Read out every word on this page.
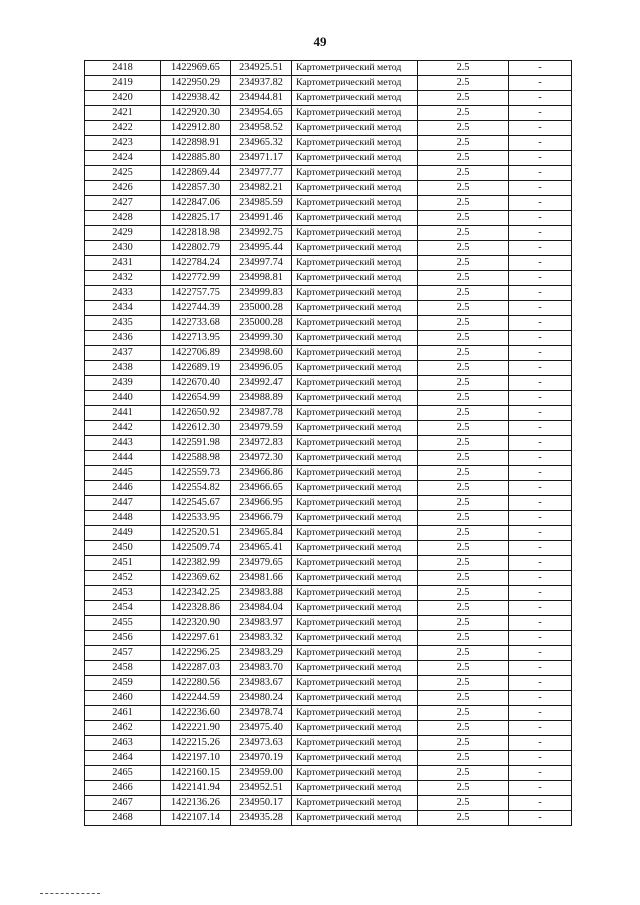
49
2418	1422969.65	234925.51	Картометрический метод	2.5	-
2419	1422950.29	234937.82	Картометрический метод	2.5	-
2420	1422938.42	234944.81	Картометрический метод	2.5	-
2421	1422920.30	234954.65	Картометрический метод	2.5	-
2422	1422912.80	234958.52	Картометрический метод	2.5	-
2423	1422898.91	234965.32	Картометрический метод	2.5	-
2424	1422885.80	234971.17	Картометрический метод	2.5	-
2425	1422869.44	234977.77	Картометрический метод	2.5	-
2426	1422857.30	234982.21	Картометрический метод	2.5	-
2427	1422847.06	234985.59	Картометрический метод	2.5	-
2428	1422825.17	234991.46	Картометрический метод	2.5	-
2429	1422818.98	234992.75	Картометрический метод	2.5	-
2430	1422802.79	234995.44	Картометрический метод	2.5	-
2431	1422784.24	234997.74	Картометрический метод	2.5	-
2432	1422772.99	234998.81	Картометрический метод	2.5	-
2433	1422757.75	234999.83	Картометрический метод	2.5	-
2434	1422744.39	235000.28	Картометрический метод	2.5	-
2435	1422733.68	235000.28	Картометрический метод	2.5	-
2436	1422713.95	234999.30	Картометрический метод	2.5	-
2437	1422706.89	234998.60	Картометрический метод	2.5	-
2438	1422689.19	234996.05	Картометрический метод	2.5	-
2439	1422670.40	234992.47	Картометрический метод	2.5	-
2440	1422654.99	234988.89	Картометрический метод	2.5	-
2441	1422650.92	234987.78	Картометрический метод	2.5	-
2442	1422612.30	234979.59	Картометрический метод	2.5	-
2443	1422591.98	234972.83	Картометрический метод	2.5	-
2444	1422588.98	234972.30	Картометрический метод	2.5	-
2445	1422559.73	234966.86	Картометрический метод	2.5	-
2446	1422554.82	234966.65	Картометрический метод	2.5	-
2447	1422545.67	234966.95	Картометрический метод	2.5	-
2448	1422533.95	234966.79	Картометрический метод	2.5	-
2449	1422520.51	234965.84	Картометрический метод	2.5	-
2450	1422509.74	234965.41	Картометрический метод	2.5	-
2451	1422382.99	234979.65	Картометрический метод	2.5	-
2452	1422369.62	234981.66	Картометрический метод	2.5	-
2453	1422342.25	234983.88	Картометрический метод	2.5	-
2454	1422328.86	234984.04	Картометрический метод	2.5	-
2455	1422320.90	234983.97	Картометрический метод	2.5	-
2456	1422297.61	234983.32	Картометрический метод	2.5	-
2457	1422296.25	234983.29	Картометрический метод	2.5	-
2458	1422287.03	234983.70	Картометрический метод	2.5	-
2459	1422280.56	234983.67	Картометрический метод	2.5	-
2460	1422244.59	234980.24	Картометрический метод	2.5	-
2461	1422236.60	234978.74	Картометрический метод	2.5	-
2462	1422221.90	234975.40	Картометрический метод	2.5	-
2463	1422215.26	234973.63	Картометрический метод	2.5	-
2464	1422197.10	234970.19	Картометрический метод	2.5	-
2465	1422160.15	234959.00	Картометрический метод	2.5	-
2466	1422141.94	234952.51	Картометрический метод	2.5	-
2467	1422136.26	234950.17	Картометрический метод	2.5	-
2468	1422107.14	234935.28	Картометрический метод	2.5	-
